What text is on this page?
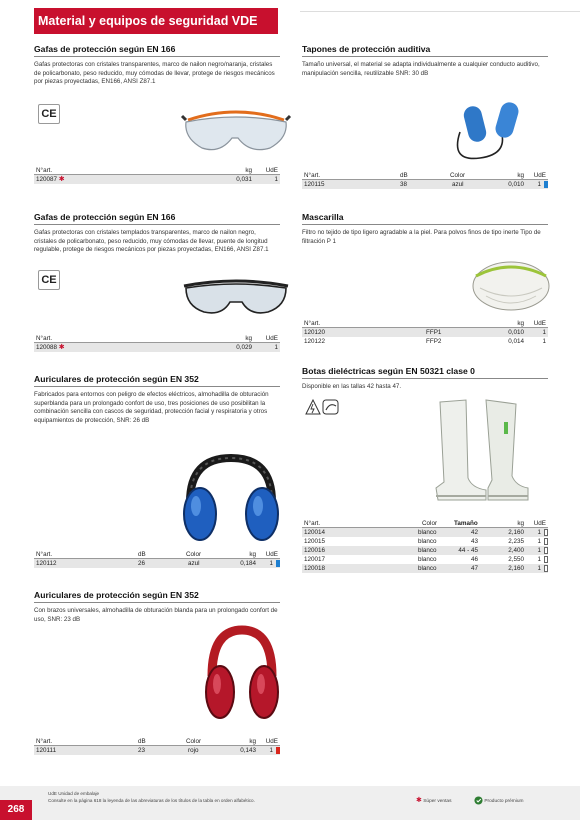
Material y equipos de seguridad VDE
Gafas de protección según EN 166
Gafas protectoras con cristales transparentes, marco de nailon negro/naranja, cristales de policarbonato, peso reducido, muy cómodas de llevar, protege de riesgos mecánicos por piezas proyectadas, EN166, ANSI Z87.1
CE
N°art.	kg UdE
120087 ✱	0,031	1
Tapones de protección auditiva
Tamaño universal, el material se adapta individualmente a cualquier conducto auditivo, manipulación sencilla, reutilizable SNR: 30 dB
N°art.	dB	Color	kg UdE
120115	38	azul	0,010 1
Gafas de protección según EN 166
Gafas protectoras con cristales templados transparentes, marco de nailon negro, cristales de policarbonato, peso reducido, muy cómodas de llevar, puente de longitud regulable, protege de riesgos mecánicos por piezas proyectadas, EN166, ANSI Z87.1
CE
N°art.	kg UdE
120088 ✱	0,029	1
Mascarilla
Filtro no tejido de tipo ligero agradable a la piel. Para polvos finos de tipo inerte Tipo de filtración P 1
N°art.	kg UdE
120120	FFP1	0,010	1
120122	FFP2	0,014	1
Auriculares de protección según EN 352
Fabricados para entornos con peligro de efectos eléctricos, almohadilla de obturación superblanda para un prolongado confort de uso, tres posiciones de uso posibilitan la combinación sencilla con cascos de seguridad, protección facial y respiratoria y otros equipamientos de protección, SNR: 26 dB
N°art.	dB	Color	kg UdE
120112	26	azul	0,184 1
Botas dieléctricas según EN 50321 clase 0
Disponible en las tallas 42 hasta 47.
N°art.	Color	Tamaño	kg UdE
120014	blanco	42	2,160 1
120015	blanco	43	2,235 1
120016	blanco	44 - 45	2,400 1
120017	blanco	46	2,550 1
120018	blanco	47	2,160 1
Auriculares de protección según EN 352
Con brazos universales, almohadilla de obturación blanda para un prolongado confort de uso, SNR: 23 dB
N°art.	dB	Color	kg UdE
120111	23	rojo	0,143 1
268
UdE Unidad de embalaje
Consulte en la página 618 la leyenda de las abreviaturas de los títulos de la tabla en orden alfabético.	✱ Súper ventas	Producto prémium
